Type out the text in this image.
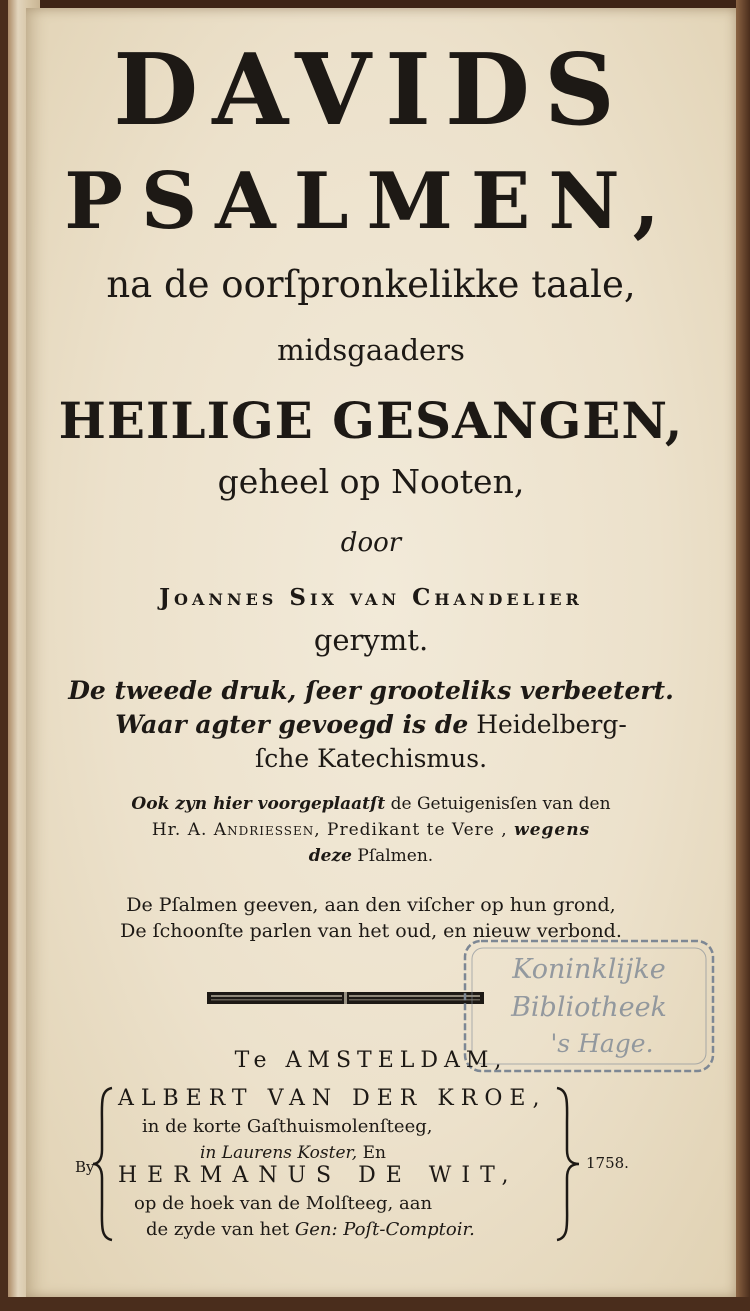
DAVIDS
PSALMEN,
na de oorſpronkelikke taale,
midsgaaders
HEILIGE GESANGEN,
geheel op Nooten,
door
Joannes Six van Chandelier
gerymt.
De tweede druk, ſeer grooteliks verbeetert.
Waar agter gevoegd is de Heidelberg-
ſche Katechismus.
Ook zyn hier voorgeplaatſt de Getuigenisſen van den
Hr. A. Andriessen, Predikant te Vere , wegens
deze Pſalmen.
De Pſalmen geeven, aan den viſcher op hun grond,
De ſchoonſte parlen van het oud, en nieuw verbond.
Koninklijke
Bibliotheek
's Hage.
Te AMSTELDAM,
ALBERT VAN DER KROE,
in de korte Gaſthuismolenſteeg,
in Laurens Koster, En
HERMANUS DE WIT,
op de hoek van de Molſteeg, aan
de zyde van het Gen: Poſt-Comptoir.
By	1758.
